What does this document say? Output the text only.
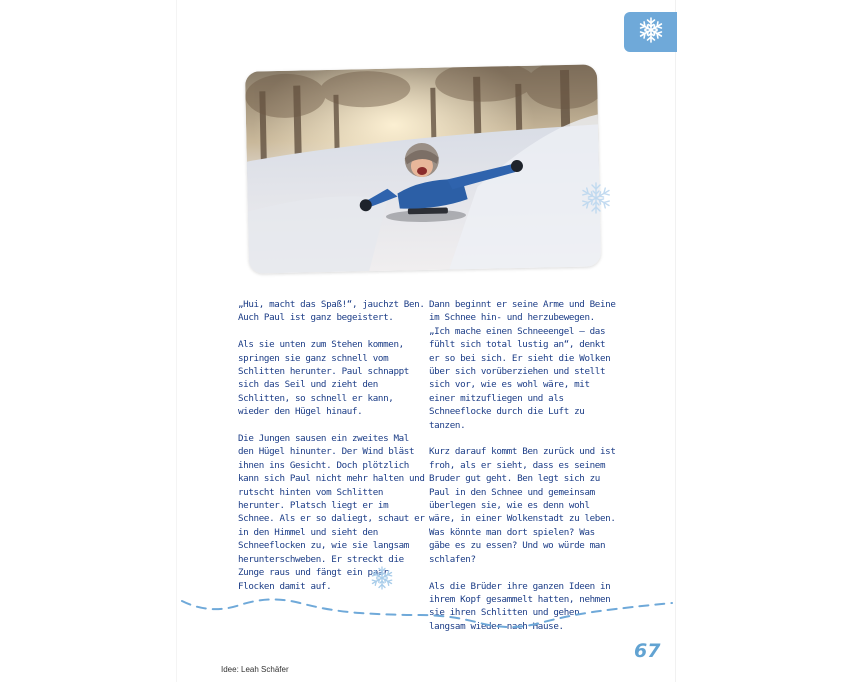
„Hui, macht das Spaß!“, jauchzt Ben. Auch Paul ist ganz begeistert.

Als sie unten zum Stehen kommen, springen sie ganz schnell vom Schlitten herunter. Paul schnappt sich das Seil und zieht den Schlitten, so schnell er kann, wieder den Hügel hinauf.

Die Jungen sausen ein zweites Mal den Hügel hinunter. Der Wind bläst ihnen ins Gesicht. Doch plötzlich kann sich Paul nicht mehr halten und rutscht hinten vom Schlitten herunter. Platsch liegt er im Schnee. Als er so daliegt, schaut er in den Himmel und sieht den Schneeflocken zu, wie sie langsam herunterschweben. Er streckt die Zunge raus und fängt ein paar Flocken damit auf.

Dann beginnt er seine Arme und Beine im Schnee hin- und herzubewegen. „Ich mache einen Schneeengel – das fühlt sich total lustig an“, denkt er so bei sich. Er sieht die Wolken über sich vorüberziehen und stellt sich vor, wie es wohl wäre, mit einer mitzufliegen und als Schneeflocke durch die Luft zu tanzen.

Kurz darauf kommt Ben zurück und ist froh, als er sieht, dass es seinem Bruder gut geht. Ben legt sich zu Paul in den Schnee und gemeinsam überlegen sie, wie es denn wohl wäre, in einer Wolkenstadt zu leben. Was könnte man dort spielen? Was gäbe es zu essen? Und wo würde man schlafen?

Als die Brüder ihre ganzen Ideen in ihrem Kopf gesammelt hatten, nehmen sie ihren Schlitten und gehen langsam wieder nach Hause.

67
Idee: Leah Schäfer
